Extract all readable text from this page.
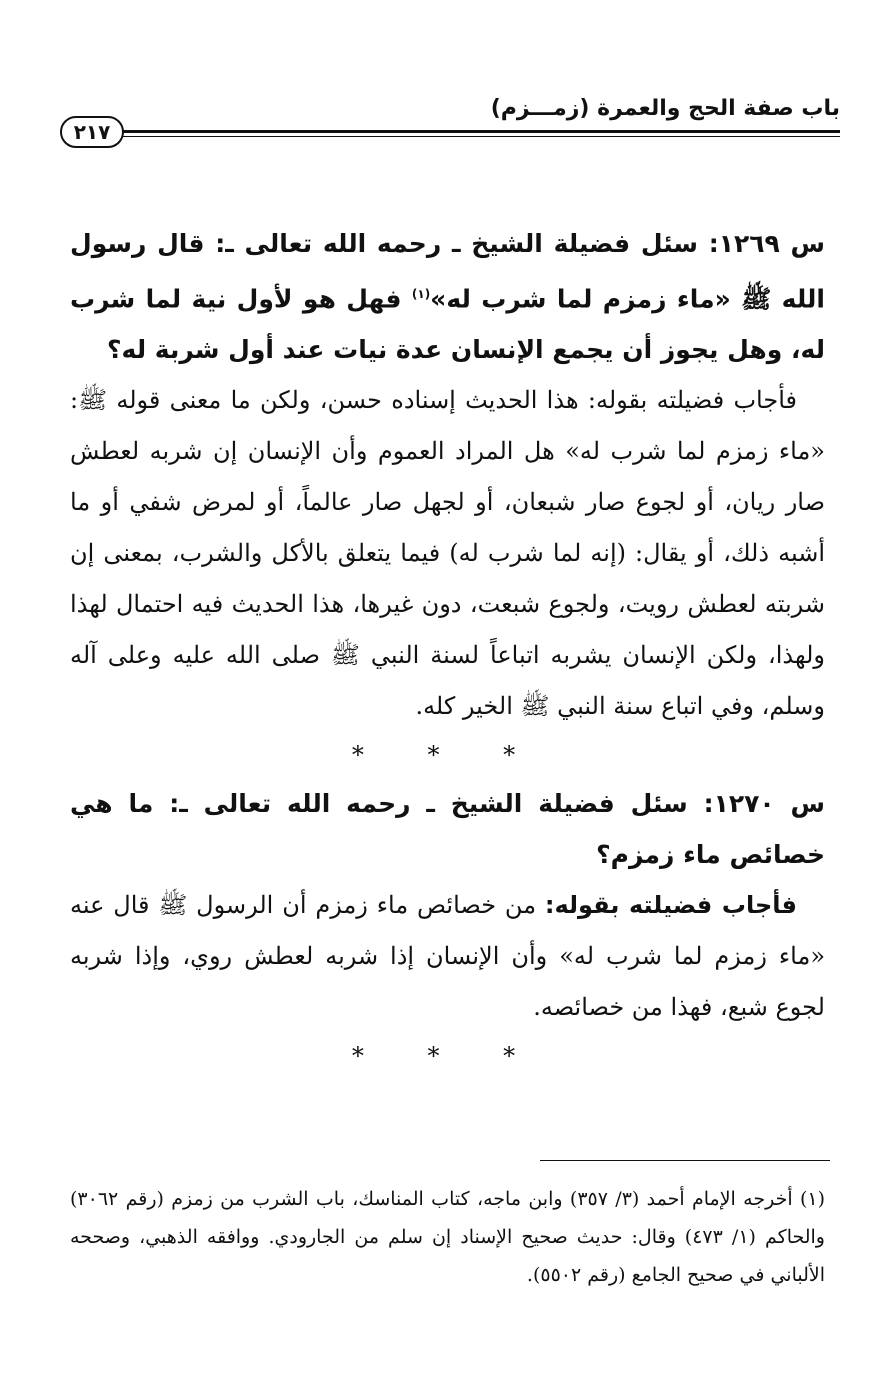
باب صفة الحج والعمرة (زمـــزم)
٢١٧

س ١٢٦٩: سئل فضيلة الشيخ ـ رحمه الله تعالى ـ: قال رسول الله ﷺ «ماء زمزم لما شرب له»$^{(١)}$ فهل هو لأول نية لما شرب له، وهل يجوز أن يجمع الإنسان عدة نيات عند أول شربة له؟

فأجاب فضيلته بقوله: هذا الحديث إسناده حسن، ولكن ما معنى قوله ﷺ: «ماء زمزم لما شرب له» هل المراد العموم وأن الإنسان إن شربه لعطش صار ريان، أو لجوع صار شبعان، أو لجهل صار عالماً، أو لمرض شفي أو ما أشبه ذلك، أو يقال: (إنه لما شرب له) فيما يتعلق بالأكل والشرب، بمعنى إن شربته لعطش رويت، ولجوع شبعت، دون غيرها، هذا الحديث فيه احتمال لهذا ولهذا، ولكن الإنسان يشربه اتباعاً لسنة النبي ﷺ صلى الله عليه وعلى آله وسلم، وفي اتباع سنة النبي ﷺ الخير كله.

* * *

س ١٢٧٠: سئل فضيلة الشيخ ـ رحمه الله تعالى ـ: ما هي خصائص ماء زمزم؟

فأجاب فضيلته بقوله: من خصائص ماء زمزم أن الرسول ﷺ قال عنه «ماء زمزم لما شرب له» وأن الإنسان إذا شربه لعطش روي، وإذا شربه لجوع شبع، فهذا من خصائصه.

* * *

(١) أخرجه الإمام أحمد (٣/ ٣٥٧) وابن ماجه، كتاب المناسك، باب الشرب من زمزم (رقم ٣٠٦٢) والحاكم (١/ ٤٧٣) وقال: حديث صحيح الإسناد إن سلم من الجارودي. ووافقه الذهبي، وصححه الألباني في صحيح الجامع (رقم ٥٥٠٢).
